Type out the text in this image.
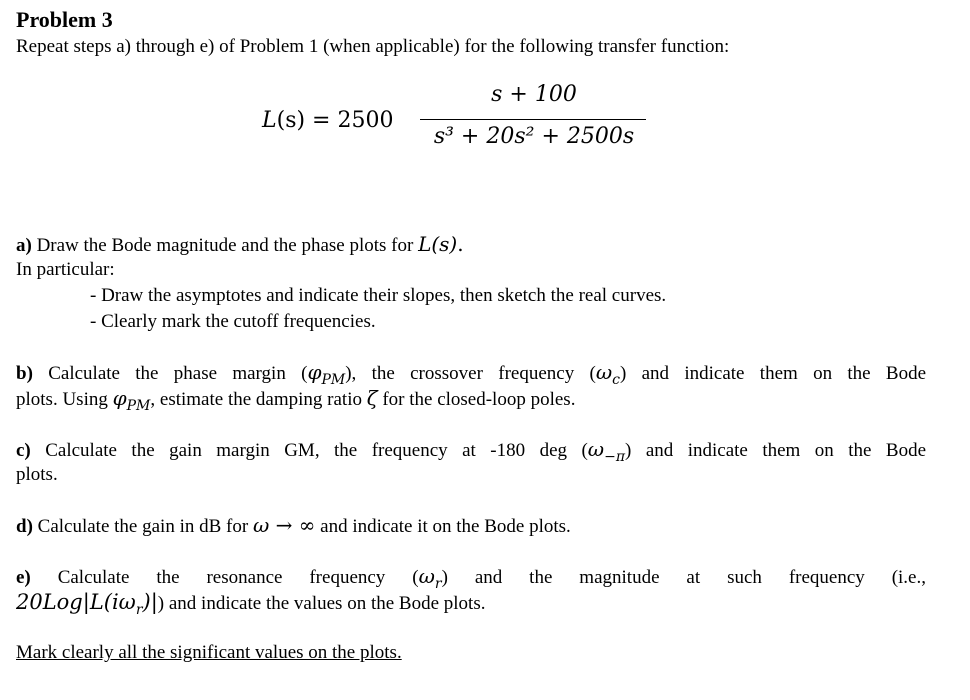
Problem 3
Repeat steps a) through e) of Problem 1 (when applicable) for the following transfer function:
L(s) = 2500
s + 100
s³ + 20s² + 2500s
a) Draw the Bode magnitude and the phase plots for L(s).
In particular:
- Draw the asymptotes and indicate their slopes, then sketch the real curves.
- Clearly mark the cutoff frequencies.
b) Calculate the phase margin $(\varphi_{PM})$, the crossover frequency $(\omega_c)$ and indicate them on the Bode
plots. Using $\varphi_{PM}$, estimate the damping ratio ζ for the closed-loop poles.
c) Calculate the gain margin GM, the frequency at -180 deg $(\omega_{-\pi})$ and indicate them on the Bode
plots.
d) Calculate the gain in dB for ω → ∞ and indicate it on the Bode plots.
e) Calculate the resonance frequency $(\omega_r)$ and the magnitude at such frequency (i.e.,
$20Log|L(i\omega_r)|$) and indicate the values on the Bode plots.
Mark clearly all the significant values on the plots.
